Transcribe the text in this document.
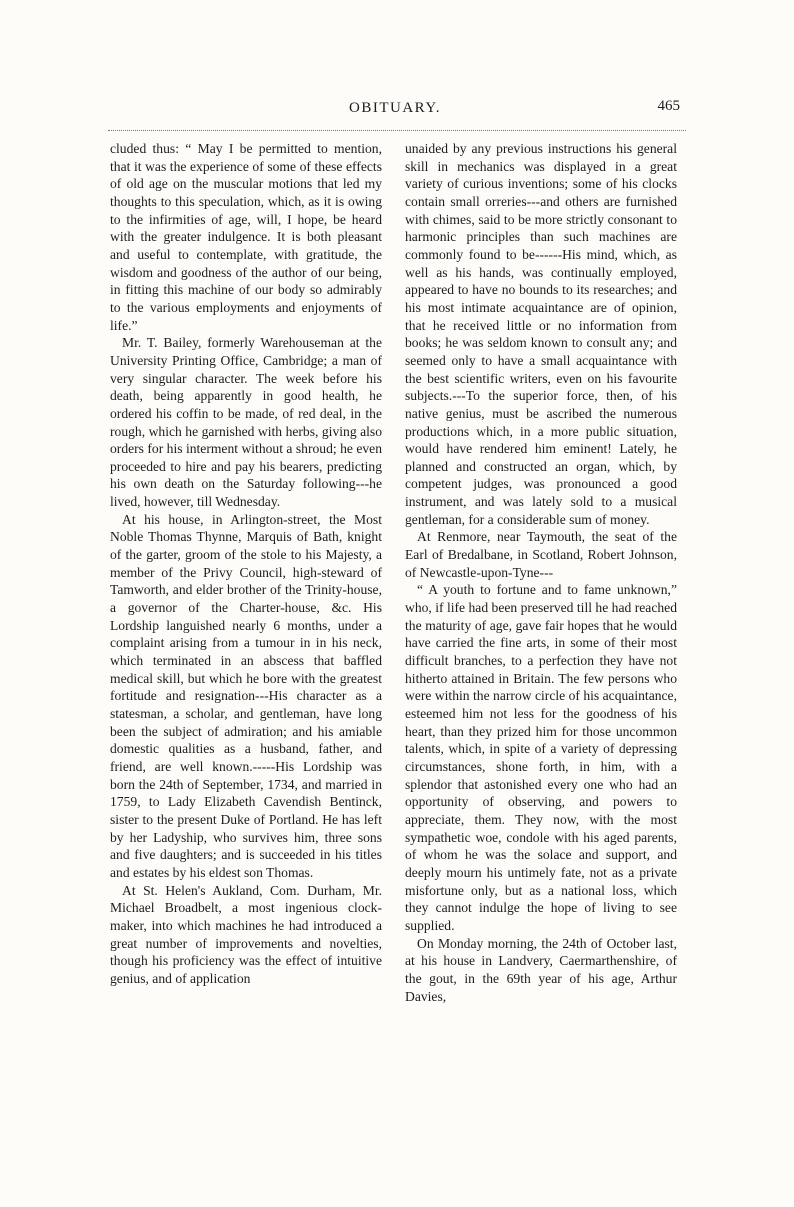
OBITUARY.	465

cluded thus: “ May I be permitted to mention, that it was the experience of some of these effects of old age on the muscular motions that led my thoughts to this speculation, which, as it is owing to the infirmities of age, will, I hope, be heard with the greater indulgence. It is both pleasant and useful to contemplate, with gratitude, the wisdom and goodness of the author of our being, in fitting this machine of our body so admirably to the various employments and enjoyments of life.”

Mr. T. Bailey, formerly Warehouseman at the University Printing Office, Cambridge; a man of very singular character. The week before his death, being apparently in good health, he ordered his coffin to be made, of red deal, in the rough, which he garnished with herbs, giving also orders for his interment without a shroud; he even proceeded to hire and pay his bearers, predicting his own death on the Saturday following---he lived, however, till Wednesday.

At his house, in Arlington-street, the Most Noble Thomas Thynne, Marquis of Bath, knight of the garter, groom of the stole to his Majesty, a member of the Privy Council, high-steward of Tamworth, and elder brother of the Trinity-house, a governor of the Charter-house, &c. His Lordship languished nearly 6 months, under a complaint arising from a tumour in in his neck, which terminated in an abscess that baffled medical skill, but which he bore with the greatest fortitude and resignation---His character as a statesman, a scholar, and gentleman, have long been the subject of admiration; and his amiable domestic qualities as a husband, father, and friend, are well known.-----His Lordship was born the 24th of September, 1734, and married in 1759, to Lady Elizabeth Cavendish Bentinck, sister to the present Duke of Portland. He has left by her Ladyship, who survives him, three sons and five daughters; and is succeeded in his titles and estates by his eldest son Thomas.

At St. Helen's Aukland, Com. Durham, Mr. Michael Broadbelt, a most ingenious clock-maker, into which machines he had introduced a great number of improvements and novelties, though his proficiency was the effect of intuitive genius, and of application

unaided by any previous instructions his general skill in mechanics was displayed in a great variety of curious inventions; some of his clocks contain small orreries---and others are furnished with chimes, said to be more strictly consonant to harmonic principles than such machines are commonly found to be------His mind, which, as well as his hands, was continually employed, appeared to have no bounds to its researches; and his most intimate acquaintance are of opinion, that he received little or no information from books; he was seldom known to consult any; and seemed only to have a small acquaintance with the best scientific writers, even on his favourite subjects.---To the superior force, then, of his native genius, must be ascribed the numerous productions which, in a more public situation, would have rendered him eminent! Lately, he planned and constructed an organ, which, by competent judges, was pronounced a good instrument, and was lately sold to a musical gentleman, for a considerable sum of money.

At Renmore, near Taymouth, the seat of the Earl of Bredalbane, in Scotland, Robert Johnson, of Newcastle-upon-Tyne---

“ A youth to fortune and to fame unknown,” who, if life had been preserved till he had reached the maturity of age, gave fair hopes that he would have carried the fine arts, in some of their most difficult branches, to a perfection they have not hitherto attained in Britain. The few persons who were within the narrow circle of his acquaintance, esteemed him not less for the goodness of his heart, than they prized him for those uncommon talents, which, in spite of a variety of depressing circumstances, shone forth, in him, with a splendor that astonished every one who had an opportunity of observing, and powers to appreciate, them. They now, with the most sympathetic woe, condole with his aged parents, of whom he was the solace and support, and deeply mourn his untimely fate, not as a private misfortune only, but as a national loss, which they cannot indulge the hope of living to see supplied.

On Monday morning, the 24th of October last, at his house in Landvery, Caermarthenshire, of the gout, in the 69th year of his age, Arthur Davies,
